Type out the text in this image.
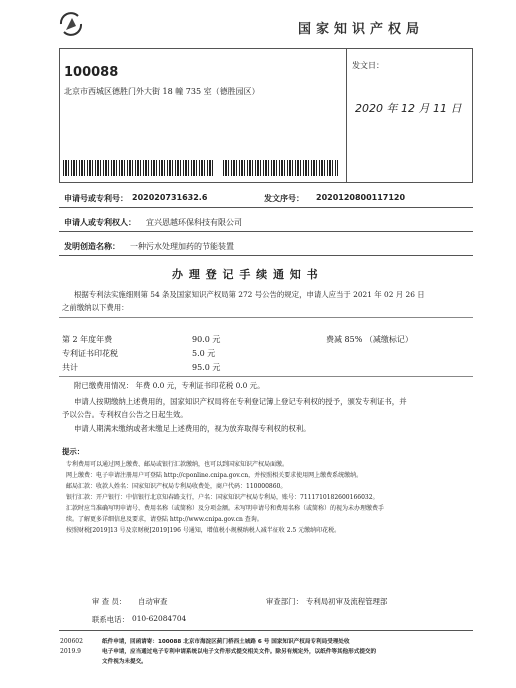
国家知识产权局
100088
北京市西城区德胜门外大街 18 幢 735 室（德胜园区）
发文日：
2020 年 12 月 11 日
申请号或专利号： 202020731632.6	发文序号： 2020120800117120
申请人或专利权人： 宜兴恩越环保科技有限公司
发明创造名称： 一种污水处理加药的节能装置
办 理 登 记 手 续 通 知 书
根据专利法实施细则第 54 条及国家知识产权局第 272 号公告的规定，申请人应当于 2021 年 02 月 26 日
之前缴纳以下费用：
第 2 年度年费	90.0 元	费减 85% （减缴标记）
专利证书印花税	5.0 元
共计	95.0 元
附已缴费用情况： 年费 0.0 元，专利证书印花税 0.0 元。
申请人按期缴纳上述费用的，国家知识产权局将在专利登记簿上登记专利权的授予，颁发专利证书，并
予以公告。专利权自公告之日起生效。
申请人期满未缴纳或者未缴足上述费用的，视为放弃取得专利权的权利。
提示：
专利费用可以通过网上缴费、邮局或银行汇款缴纳，也可以到国家知识产权局面缴。
网上缴费：电子申请注册用户可登陆 http://cponline.cnipa.gov.cn，并按照相关要求使用网上缴费系统缴纳。
邮局汇款：收款人姓名：国家知识产权局专利局收费处，商户代码：110000860。
银行汇款：开户银行：中信银行北京知春路支行，户名：国家知识产权局专利局，账号：7111710182600166032。
汇款时应当准确写明申请号、费用名称（或简称）及分项金额。未写明申请号和费用名称（或简称）的视为未办理缴费手
续。了解更多详细信息及要求，请登陆 http://www.cnipa.gov.cn 查询。
按照财税[2019]13 号及京财税[2019]196 号通知，增值税小规模纳税人减半征收 2.5 元缴纳印花税。
审 查 员： 自动审查	审查部门： 专利局初审及流程管理部
联系电话： 010-62084704
200602
2019.9
纸件申请，回函请寄：100088 北京市海淀区蓟门桥西土城路 6 号 国家知识产权局专利局受理处收
电子申请，应当通过电子专利申请系统以电子文件形式提交相关文件。除另有规定外，以纸件等其他形式提交的
文件视为未提交。
